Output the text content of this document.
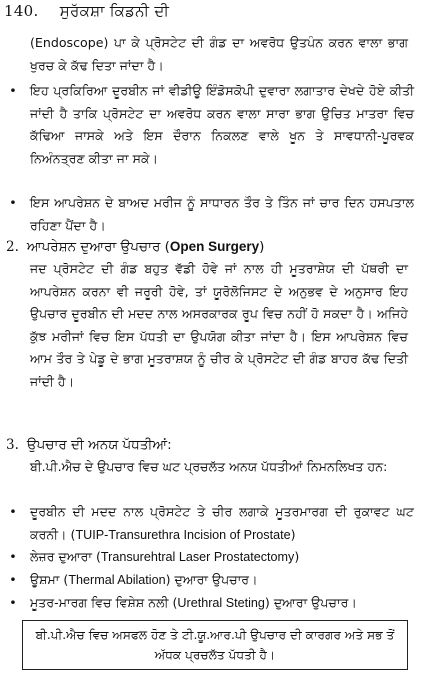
140. ਸੁਰੱਕਸ਼ਾ ਕਿਡਨੀ ਦੀ
(Endoscope) ਪਾ ਕੇ ਪ੍ਰੋਸਟੇਟ ਦੀ ਗੰਡ ਦਾ ਅਵਰੋਧ ਉਤਪੰਨ ਕਰਨ ਵਾਲਾ ਭਾਗ ਖੁਰਚ ਕੇ ਕੱਢ ਦਿਤਾ ਜਾਂਦਾ ਹੈ।
• ਇਹ ਪ੍ਰਕਿਰਿਆ ਦੂਰਬੀਨ ਜਾਂ ਵੀਡੀਊ ਇੰਡੋਸਕੋਪੀ ਦੁਵਾਰਾ ਲਗਾਤਾਰ ਦੇਖਦੇ ਹੋਏ ਕੀਤੀ ਜਾਂਦੀ ਹੈ ਤਾਕਿ ਪ੍ਰੋਸਟੇਟ ਦਾ ਅਵਰੋਧ ਕਰਨ ਵਾਲਾ ਸਾਰਾ ਭਾਗ ਉਚਿਤ ਮਾਤਰਾ ਵਿਚ ਕੱਢਿਆ ਜਾਸਕੇ ਅਤੇ ਇਸ ਦੌਰਾਨ ਨਿਕਲਣ ਵਾਲੇ ਖੂਨ ਤੇ ਸਾਵਧਾਨੀ-ਪੂਰਵਕ ਨਿਅੰਨਤ੍ਰਣ ਕੀਤਾ ਜਾ ਸਕੇ।
• ਇਸ ਆਪਰੇਸ਼ਨ ਦੇ ਬਾਅਦ ਮਰੀਜ ਨੂੰ ਸਾਧਾਰਨ ਤੌਰ ਤੇ ਤਿੰਨ ਜਾਂ ਚਾਰ ਦਿਨ ਹਸਪਤਾਲ ਰਹਿਣਾ ਪੈਂਦਾ ਹੈ।
2. ਆਪਰੇਸ਼ਨ ਦੁਆਰਾ ਉਪਚਾਰ (Open Surgery)
ਜਦ ਪ੍ਰੋਸਟੇਟ ਦੀ ਗੰਡ ਬਹੁਤ ਵੱਡੀ ਹੋਵੇ ਜਾਂ ਨਾਲ ਹੀ ਮੂਤਰਾਸ਼ੇਯ ਦੀ ਪੱਥਰੀ ਦਾ ਆਪਰੇਸ਼ਨ ਕਰਨਾ ਵੀ ਜਰੂਰੀ ਹੋਵੇ, ਤਾਂ ਯੂਰੋਲੋਜਿਸਟ ਦੇ ਅਨੁਭਵ ਦੇ ਅਨੁਸਾਰ ਇਹ ਉਪਚਾਰ ਦੂਰਬੀਨ ਦੀ ਮਦਦ ਨਾਲ ਅਸਰਕਾਰਕ ਰੂਪ ਵਿਚ ਨਹੀਂ ਹੋ ਸਕਦਾ ਹੈ। ਅਜਿਹੇ ਕੁੱਝ ਮਰੀਜਾਂ ਵਿਚ ਇਸ ਪੱਧਤੀ ਦਾ ਉਪਯੋਗ ਕੀਤਾ ਜਾਂਦਾ ਹੈ। ਇਸ ਆਪਰੇਸ਼ਨ ਵਿਚ ਆਮ ਤੌਰ ਤੇ ਪੇਡੂ ਦੇ ਭਾਗ ਮੂਤਰਾਸ਼ਯ ਨੂੰ ਚੀਰ ਕੇ ਪ੍ਰੋਸਟੇਟ ਦੀ ਗੰਡ ਬਾਹਰ ਕੱਢ ਦਿਤੀ ਜਾਂਦੀ ਹੈ।
3. ਉਪਚਾਰ ਦੀ ਅਨਯ ਪੱਧਤੀਆਂ:
ਬੀ.ਪੀ.ਐਚ ਦੇ ਉਪਚਾਰ ਵਿਚ ਘਟ ਪ੍ਰਚਲੱਤ ਅਨਯ ਪੱਧਤੀਆਂ ਨਿਮਨਲਿਖਤ ਹਨ:
• ਦੂਰਬੀਨ ਦੀ ਮਦਦ ਨਾਲ ਪ੍ਰੋਸਟੇਟ ਤੇ ਚੀਰ ਲਗਾਕੇ ਮੂਤਰਮਾਰਗ ਦੀ ਰੁਕਾਵਟ ਘਟ ਕਰਨੀ। (TUIP-Transurethra Incision of Prostate)
• ਲੇਜ਼ਰ ਦੁਆਰਾ (Transurehtral Laser Prostatectomy)
• ਊਸ਼ਮਾ (Thermal Abilation) ਦੁਆਰਾ ਉਪਚਾਰ।
• ਮੂਤਰ-ਮਾਰਗ ਵਿਚ ਵਿਸ਼ੇਸ਼ ਨਲੀ (Urethral Steting) ਦੁਆਰਾ ਉਪਚਾਰ।
ਬੀ.ਪੀ.ਐਚ ਵਿਚ ਅਸਫਲ ਹੋਣ ਤੇ ਟੀ.ਯੂ.ਆਰ.ਪੀ ਉਪਚਾਰ ਦੀ ਕਾਰਗਰ ਅਤੇ ਸਭ ਤੋਂ ਅੱਧਕ ਪ੍ਰਚਲੱਤ ਪੱਧਤੀ ਹੈ।
